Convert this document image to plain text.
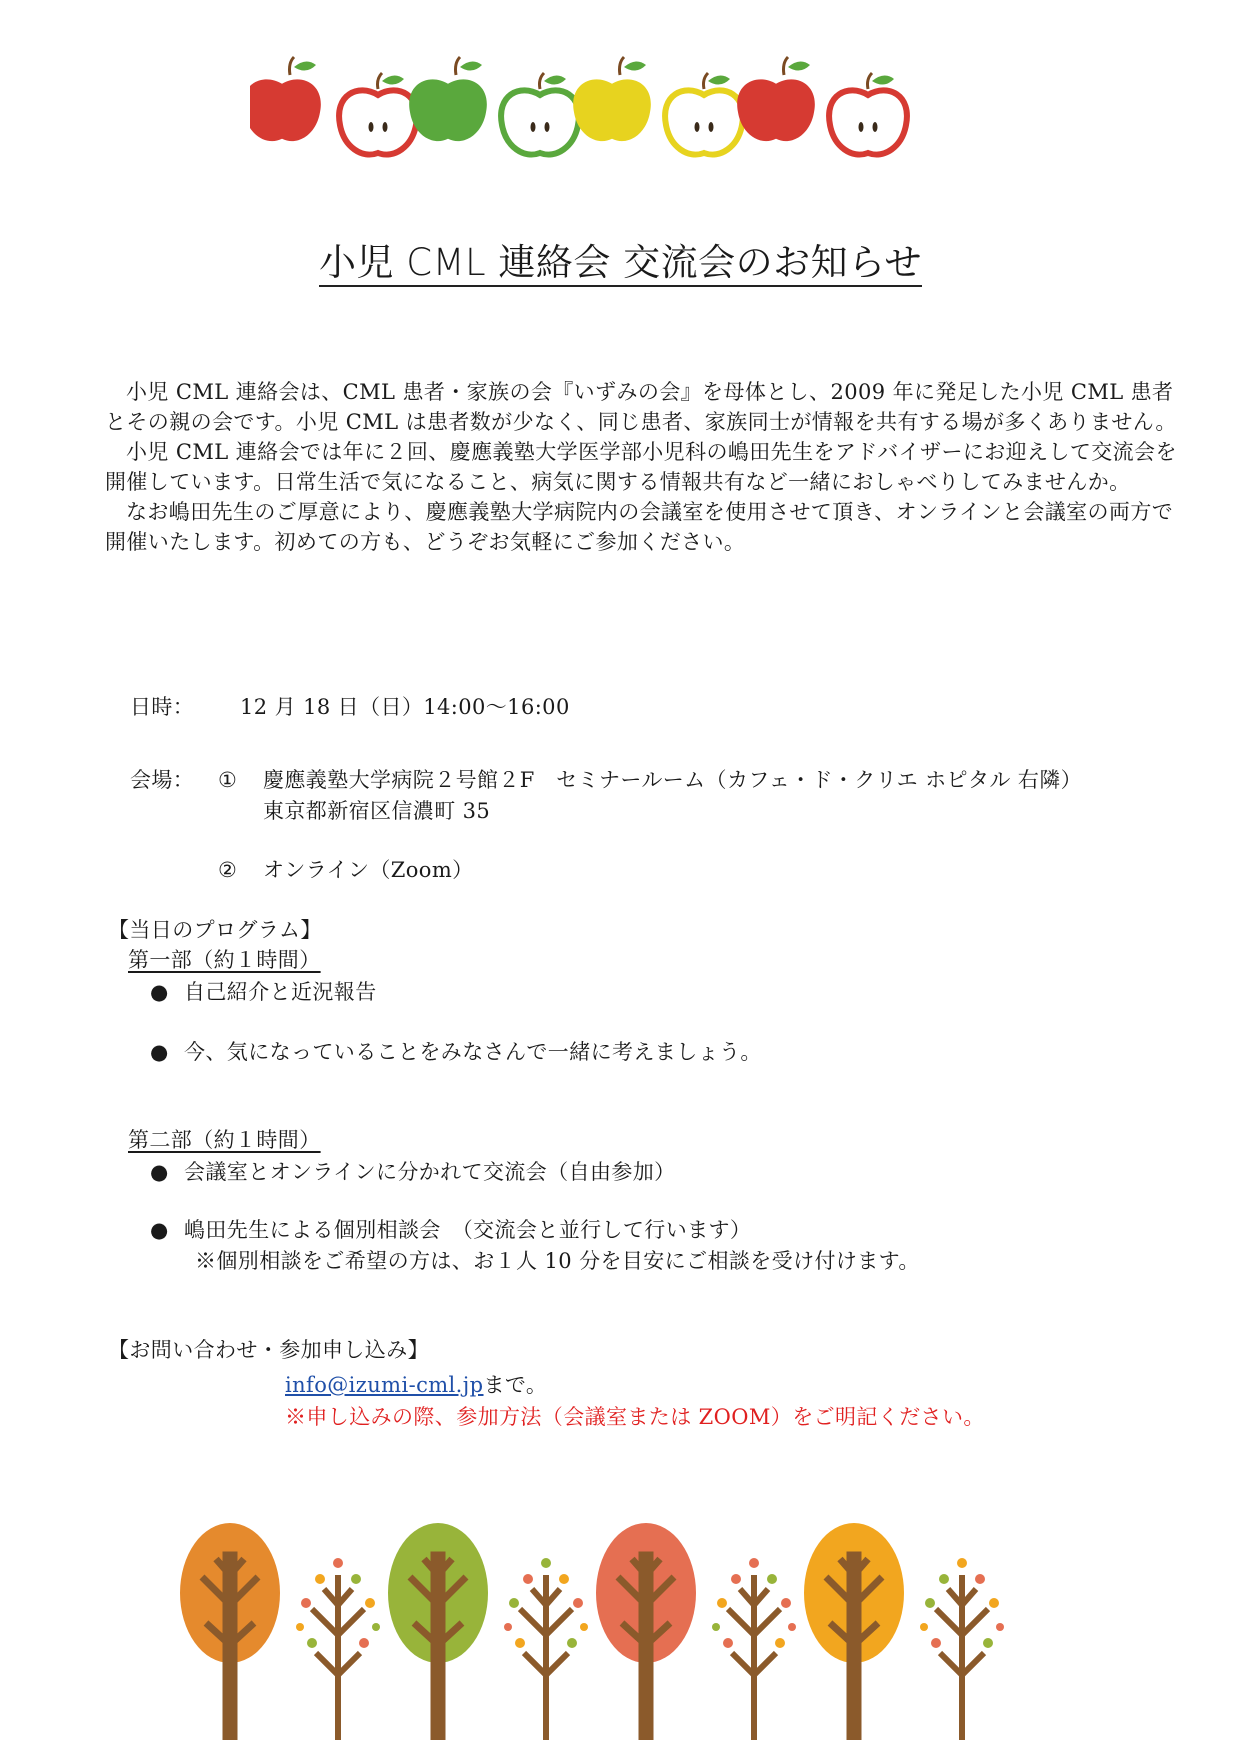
小児 CML 連絡会 交流会のお知らせ

小児 CML 連絡会は、CML 患者・家族の会『いずみの会』を母体とし、2009 年に発足した小児 CML 患者とその親の会です。小児 CML は患者数が少なく、同じ患者、家族同士が情報を共有する場が多くありません。

小児 CML 連絡会では年に２回、慶應義塾大学医学部小児科の嶋田先生をアドバイザーにお迎えして交流会を開催しています。日常生活で気になること、病気に関する情報共有など一緒におしゃべりしてみませんか。

なお嶋田先生のご厚意により、慶應義塾大学病院内の会議室を使用させて頂き、オンラインと会議室の両方で開催いたします。初めての方も、どうぞお気軽にご参加ください。

日時： 12 月 18 日（日）14:00～16:00
会場： ① 慶應義塾大学病院２号館２F　セミナールーム（カフェ・ド・クリエ ホピタル 右隣）
東京都新宿区信濃町 35
② オンライン（Zoom）
【当日のプログラム】
第一部（約１時間）
● 自己紹介と近況報告
● 今、気になっていることをみなさんで一緒に考えましょう。
第二部（約１時間）
● 会議室とオンラインに分かれて交流会（自由参加）
● 嶋田先生による個別相談会　（交流会と並行して行います）
※個別相談をご希望の方は、お１人 10 分を目安にご相談を受け付けます。
【お問い合わせ・参加申し込み】
info@izumi-cml.jpまで。
※申し込みの際、参加方法（会議室または ZOOM）をご明記ください。
